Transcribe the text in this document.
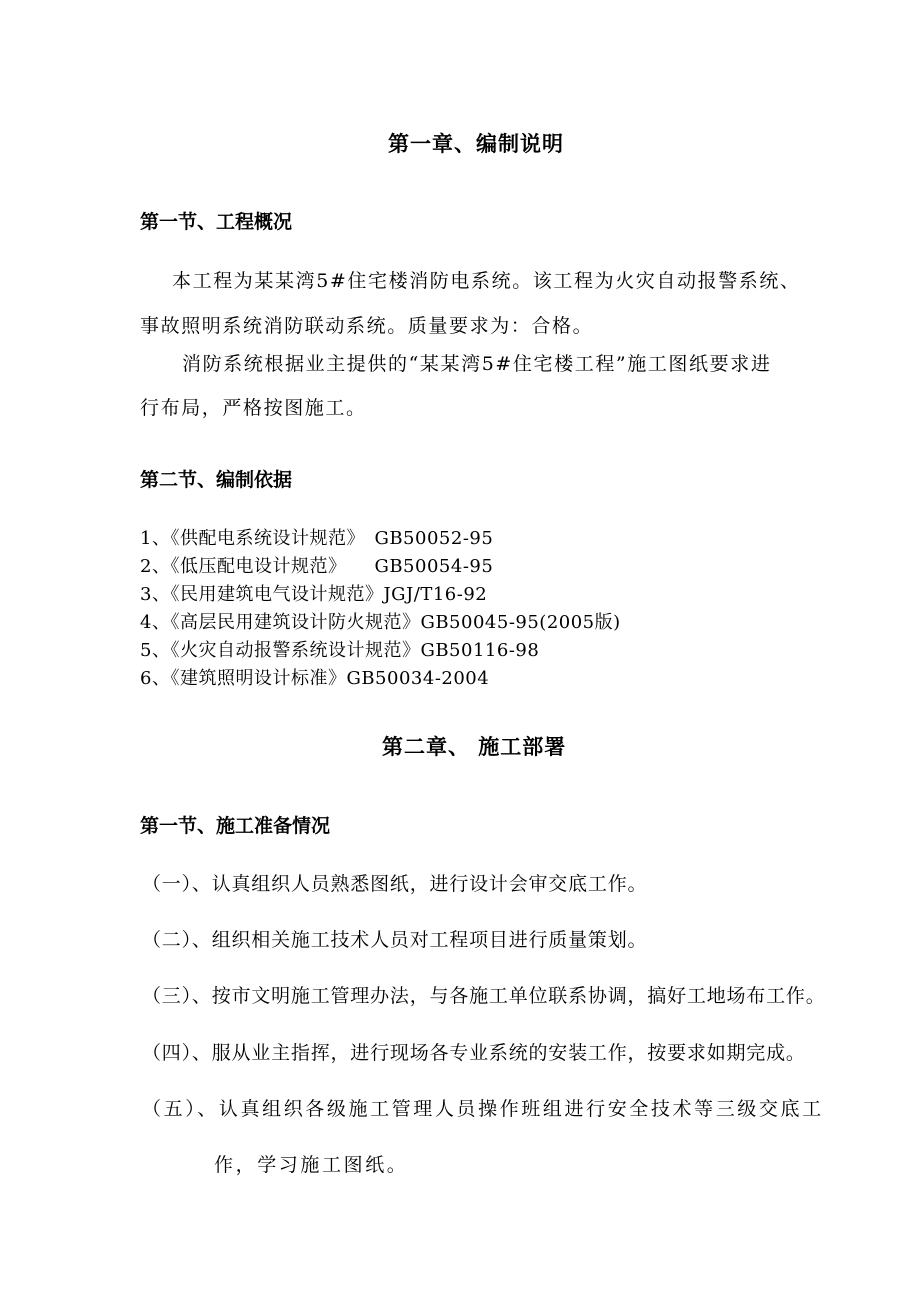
第一章、编制说明
第一节、工程概况
本工程为某某湾5#住宅楼消防电系统。该工程为火灾自动报警系统、
事故照明系统消防联动系统。质量要求为：合格。
消防系统根据业主提供的“某某湾5#住宅楼工程”施工图纸要求进
行布局，严格按图施工。
第二节、编制依据
1、《供配电系统设计规范》　GB50052-95
2、《低压配电设计规范》　　GB50054-95
3、《民用建筑电气设计规范》JGJ/T16-92
4、《高层民用建筑设计防火规范》GB50045-95(2005版)
5、《火灾自动报警系统设计规范》GB50116-98
6、《建筑照明设计标准》GB50034-2004
第二章、 施工部署
第一节、施工准备情况
（一）、认真组织人员熟悉图纸，进行设计会审交底工作。
（二）、组织相关施工技术人员对工程项目进行质量策划。
（三）、按市文明施工管理办法，与各施工单位联系协调，搞好工地场布工作。
（四）、服从业主指挥，进行现场各专业系统的安装工作，按要求如期完成。
（五）、认真组织各级施工管理人员操作班组进行安全技术等三级交底工
作，学习施工图纸。
